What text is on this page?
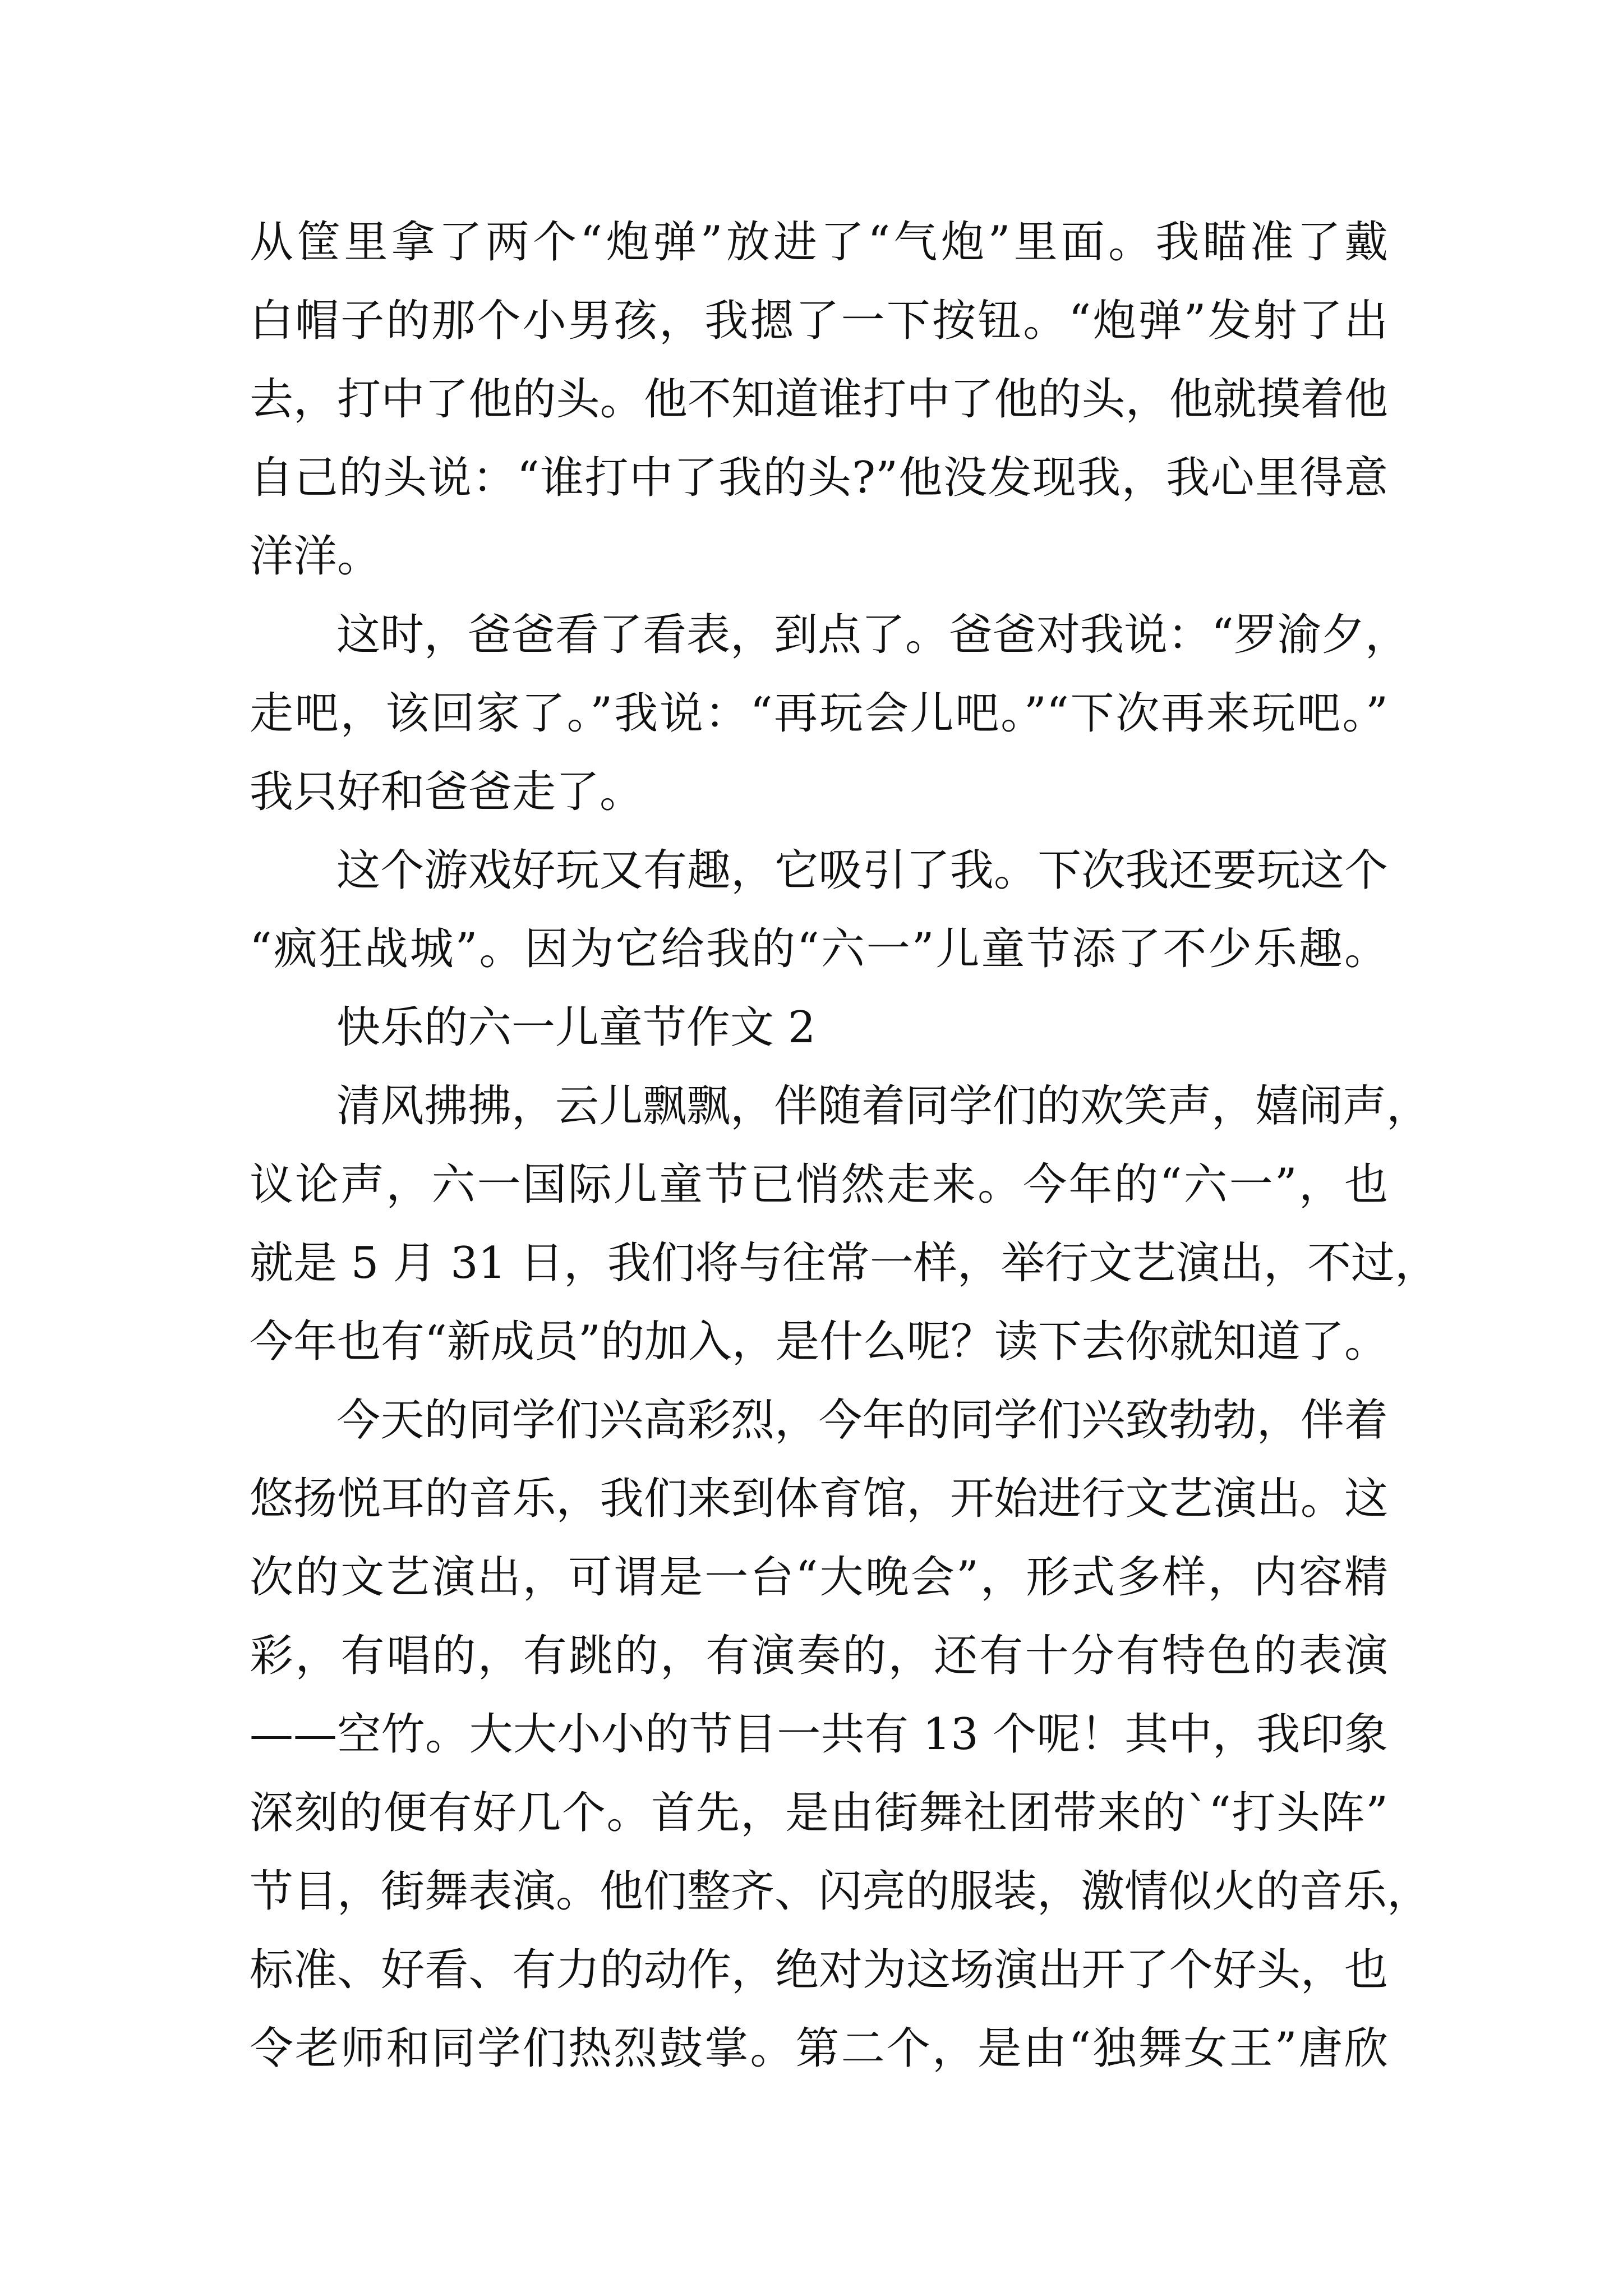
从筐里拿了两个“炮弹”放进了“气炮”里面。我瞄准了戴
白帽子的那个小男孩，我摁了一下按钮。“炮弹”发射了出
去，打中了他的头。他不知道谁打中了他的头，他就摸着他
自己的头说：“谁打中了我的头?”他没发现我，我心里得意
洋洋。
这时，爸爸看了看表，到点了。爸爸对我说：“罗渝夕，
走吧，该回家了。”我说：“再玩会儿吧。”“下次再来玩吧。”
我只好和爸爸走了。
这个游戏好玩又有趣，它吸引了我。下次我还要玩这个
“疯狂战城”。因为它给我的“六一”儿童节添了不少乐趣。
快乐的六一儿童节作文 2
清风拂拂，云儿飘飘，伴随着同学们的欢笑声，嬉闹声，
议论声，六一国际儿童节已悄然走来。今年的“六一”，也
就是 5 月 31 日，我们将与往常一样，举行文艺演出，不过，
今年也有“新成员”的加入，是什么呢？读下去你就知道了。
今天的同学们兴高彩烈，今年的同学们兴致勃勃，伴着
悠扬悦耳的音乐，我们来到体育馆，开始进行文艺演出。这
次的文艺演出，可谓是一台“大晚会”，形式多样，内容精
彩，有唱的，有跳的，有演奏的，还有十分有特色的表演
——空竹。大大小小的节目一共有 13 个呢！其中，我印象
深刻的便有好几个。首先，是由街舞社团带来的`“打头阵”
节目，街舞表演。他们整齐、闪亮的服装，激情似火的音乐，
标准、好看、有力的动作，绝对为这场演出开了个好头，也
令老师和同学们热烈鼓掌。第二个，是由“独舞女王”唐欣
